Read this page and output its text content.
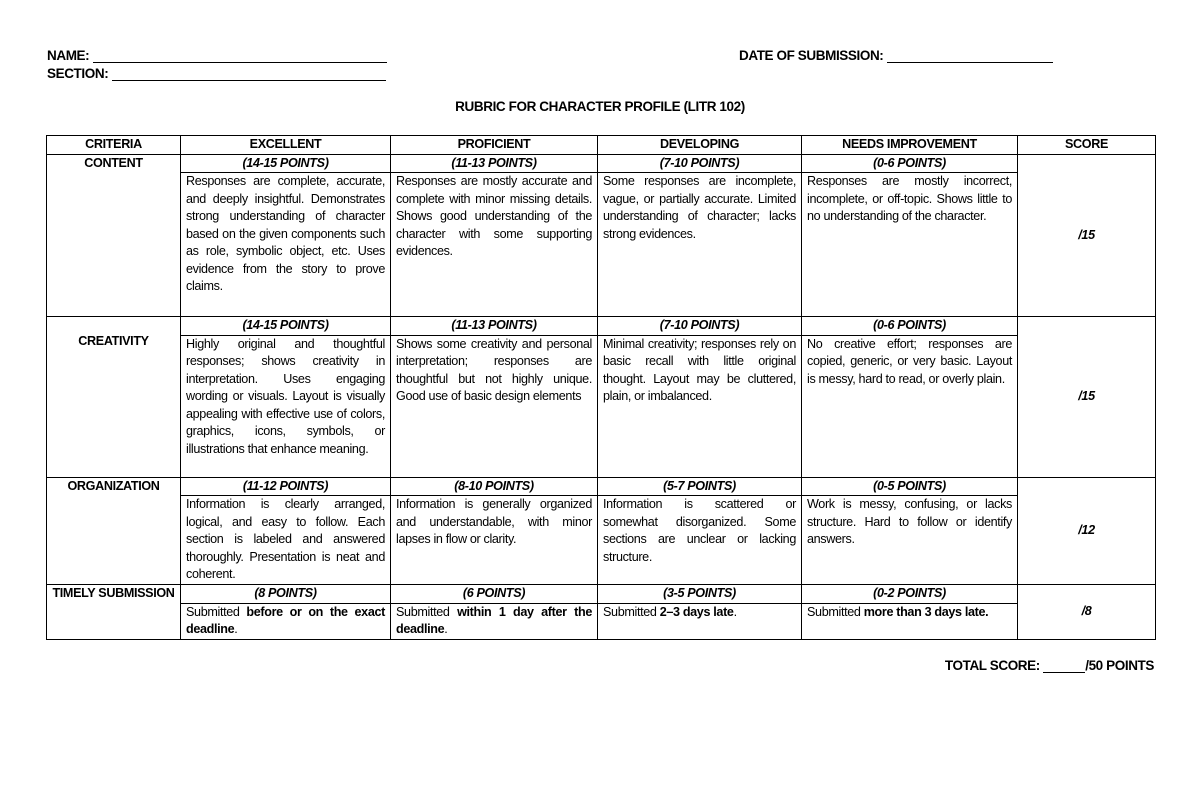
NAME:
SECTION:
DATE OF SUBMISSION:
RUBRIC FOR CHARACTER PROFILE (LITR 102)
CRITERIA	EXCELLENT	PROFICIENT	DEVELOPING	NEEDS IMPROVEMENT	SCORE
CONTENT	(14-15 POINTS)	(11-13 POINTS)	(7-10 POINTS)	(0-6 POINTS)	/15
	Responses are complete, accurate, and deeply insightful. Demonstrates strong understanding of character based on the given components such as role, symbolic object, etc. Uses evidence from the story to prove claims.	Responses are mostly accurate and complete with minor missing details. Shows good understanding of the character with some supporting evidences.	Some responses are incomplete, vague, or partially accurate. Limited understanding of character; lacks strong evidences.	Responses are mostly incorrect, incomplete, or off-topic. Shows little to no understanding of the character.	
CREATIVITY	(14-15 POINTS)	(11-13 POINTS)	(7-10 POINTS)	(0-6 POINTS)	/15
	Highly original and thoughtful responses; shows creativity in interpretation. Uses engaging wording or visuals. Layout is visually appealing with effective use of colors, graphics, icons, symbols, or illustrations that enhance meaning.	Shows some creativity and personal interpretation; responses are thoughtful but not highly unique. Good use of basic design elements	Minimal creativity; responses rely on basic recall with little original thought. Layout may be cluttered, plain, or imbalanced.	No creative effort; responses are copied, generic, or very basic. Layout is messy, hard to read, or overly plain.	
ORGANIZATION	(11-12 POINTS)	(8-10 POINTS)	(5-7 POINTS)	(0-5 POINTS)	/12
	Information is clearly arranged, logical, and easy to follow. Each section is labeled and answered thoroughly. Presentation is neat and coherent.	Information is generally organized and understandable, with minor lapses in flow or clarity.	Information is scattered or somewhat disorganized. Some sections are unclear or lacking structure.	Work is messy, confusing, or lacks structure. Hard to follow or identify answers.	
TIMELY SUBMISSION	(8 POINTS)	(6 POINTS)	(3-5 POINTS)	(0-2 POINTS)	/8
	Submitted before or on the exact deadline.	Submitted within 1 day after the deadline.	Submitted 2–3 days late.	Submitted more than 3 days late.	
TOTAL SCORE:	/50 POINTS
